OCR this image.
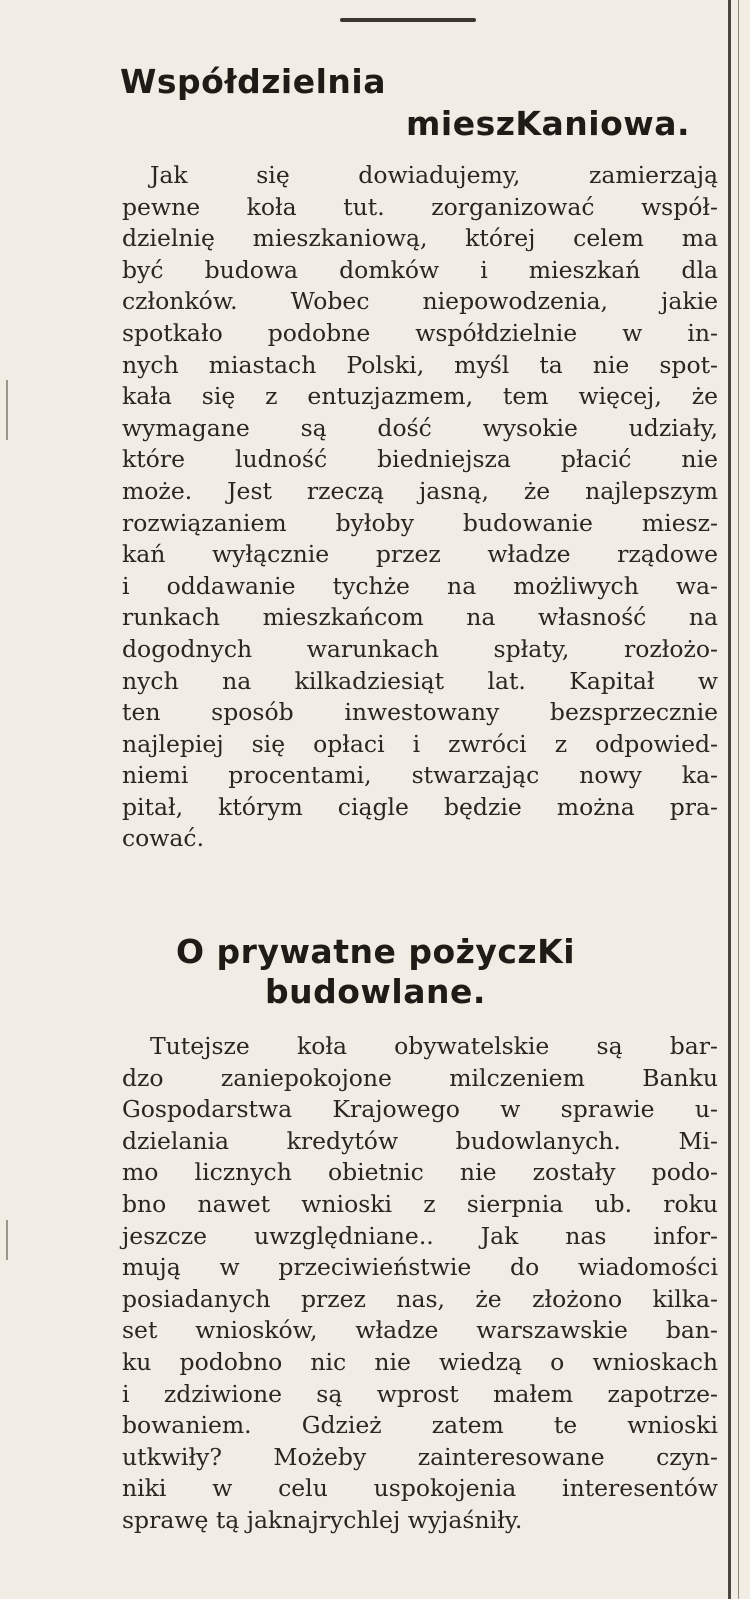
Współdzielnia
mieszKaniowa.
Jak się dowiadujemy, zamierzają
pewne koła tut. zorganizować współ-
dzielnię mieszkaniową, której celem ma
być budowa domków i mieszkań dla
członków. Wobec niepowodzenia, jakie
spotkało podobne współdzielnie w in-
nych miastach Polski, myśl ta nie spot-
kała się z entuzjazmem, tem więcej, że
wymagane są dość wysokie udziały,
które ludność biedniejsza płacić nie
może. Jest rzeczą jasną, że najlepszym
rozwiązaniem byłoby budowanie miesz-
kań wyłącznie przez władze rządowe
i oddawanie tychże na możliwych wa-
runkach mieszkańcom na własność na
dogodnych warunkach spłaty, rozłożo-
nych na kilkadziesiąt lat. Kapitał w
ten sposób inwestowany bezsprzecznie
najlepiej się opłaci i zwróci z odpowied-
niemi procentami, stwarzając nowy ka-
pitał, którym ciągle będzie można pra-
cować.
O prywatne pożyczKi
budowlane.
Tutejsze koła obywatelskie są bar-
dzo zaniepokojone milczeniem Banku
Gospodarstwa Krajowego w sprawie u-
dzielania kredytów budowlanych. Mi-
mo licznych obietnic nie zostały podo-
bno nawet wnioski z sierpnia ub. roku
jeszcze uwzględniane.. Jak nas infor-
mują w przeciwieństwie do wiadomości
posiadanych przez nas, że złożono kilka-
set wniosków, władze warszawskie ban-
ku podobno nic nie wiedzą o wnioskach
i zdziwione są wprost małem zapotrze-
bowaniem. Gdzież zatem te wnioski
utkwiły? Możeby zainteresowane czyn-
niki w celu uspokojenia interesentów
sprawę tą jaknajrychlej wyjaśniły.
